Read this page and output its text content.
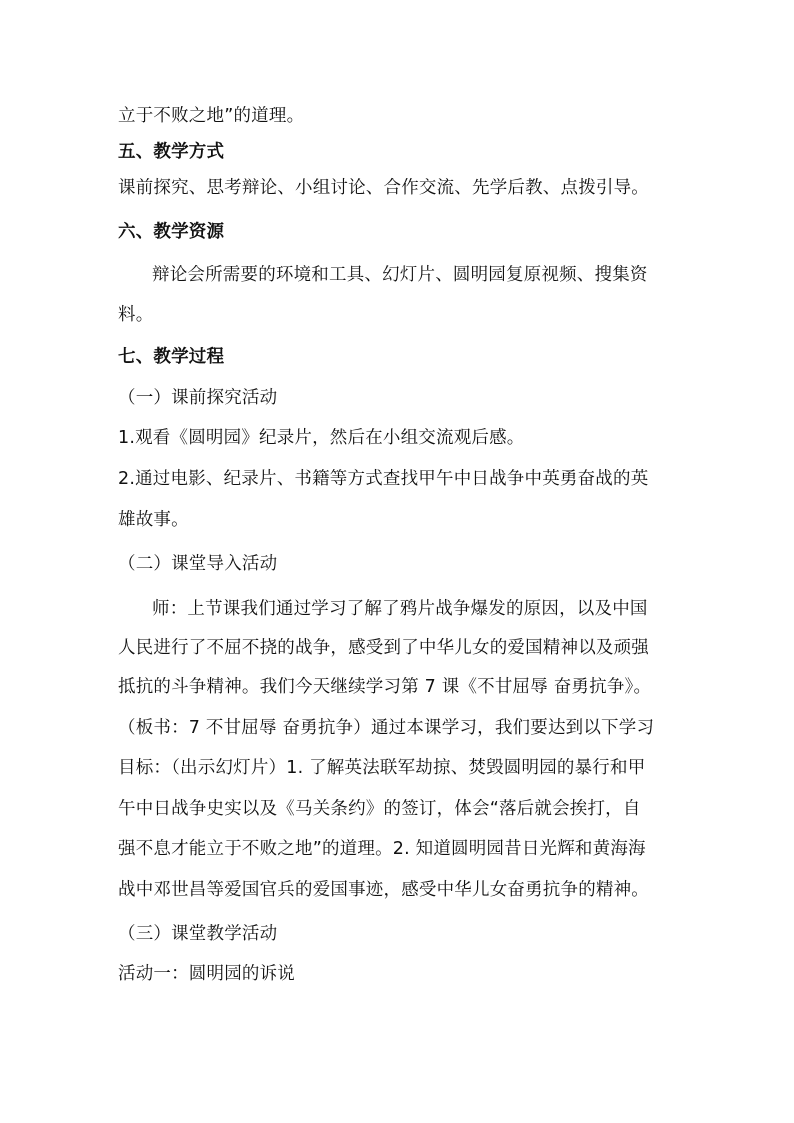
立于不败之地”的道理。
五、教学方式
课前探究、思考辩论、小组讨论、合作交流、先学后教、点拨引导。
六、教学资源
辩论会所需要的环境和工具、幻灯片、圆明园复原视频、搜集资
料。
七、教学过程
（一）课前探究活动
1.观看《圆明园》纪录片，然后在小组交流观后感。
2.通过电影、纪录片、书籍等方式查找甲午中日战争中英勇奋战的英
雄故事。
（二）课堂导入活动
师：上节课我们通过学习了解了鸦片战争爆发的原因，以及中国
人民进行了不屈不挠的战争，感受到了中华儿女的爱国精神以及顽强
抵抗的斗争精神。我们今天继续学习第 7 课《不甘屈辱 奋勇抗争》。
（板书：7 不甘屈辱 奋勇抗争）通过本课学习，我们要达到以下学习
目标：（出示幻灯片）1. 了解英法联军劫掠、焚毁圆明园的暴行和甲
午中日战争史实以及《马关条约》的签订，体会“落后就会挨打，自
强不息才能立于不败之地”的道理。2. 知道圆明园昔日光辉和黄海海
战中邓世昌等爱国官兵的爱国事迹，感受中华儿女奋勇抗争的精神。
（三）课堂教学活动
活动一：圆明园的诉说
